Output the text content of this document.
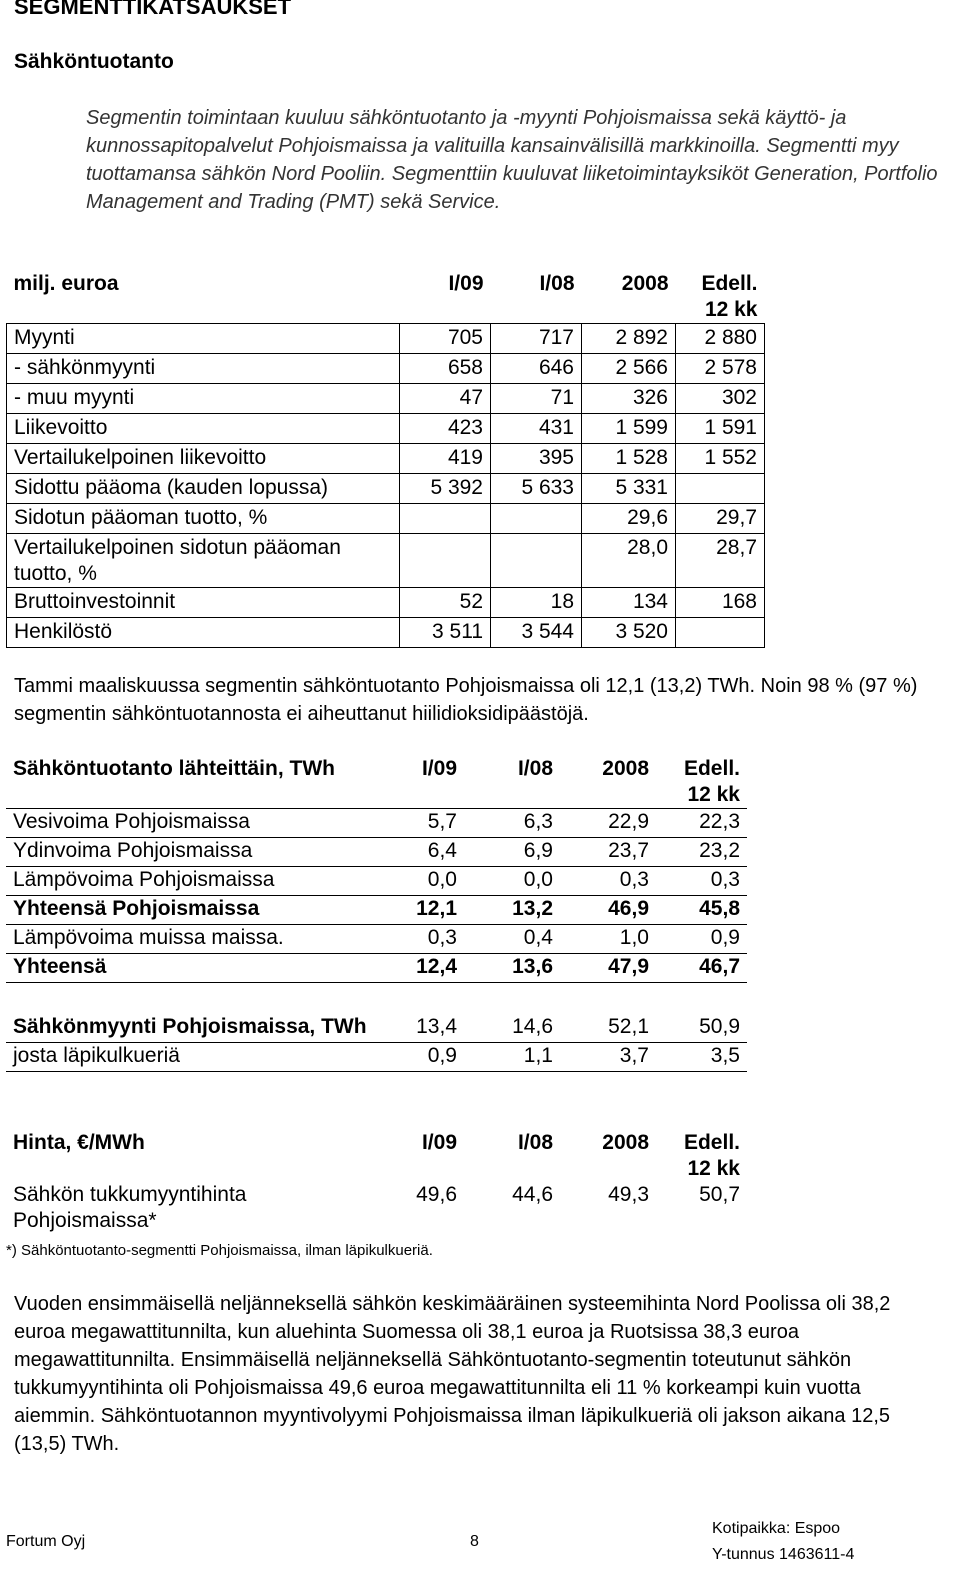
SEGMENTTIKATSAUKSET
Sähköntuotanto
Segmentin toimintaan kuuluu sähköntuotanto ja -myynti Pohjoismaissa sekä käyttö- ja kunnossapitopalvelut Pohjoismaissa ja valituilla kansainvälisillä markkinoilla. Segmentti myy tuottamansa sähkön Nord Pooliin. Segmenttiin kuuluvat liiketoimintayksiköt Generation, Portfolio Management and Trading (PMT) sekä Service.
milj. euroa	I/09	I/08	2008	Edell. 12 kk
Myynti	705	717	2 892	2 880
- sähkönmyynti	658	646	2 566	2 578
- muu myynti	47	71	326	302
Liikevoitto	423	431	1 599	1 591
Vertailukelpoinen liikevoitto	419	395	1 528	1 552
Sidottu pääoma (kauden lopussa)	5 392	5 633	5 331	
Sidotun pääoman tuotto, %			29,6	29,7
Vertailukelpoinen sidotun pääoman tuotto, %			28,0	28,7
Bruttoinvestoinnit	52	18	134	168
Henkilöstö	3 511	3 544	3 520	
Tammi maaliskuussa segmentin sähköntuotanto Pohjoismaissa oli 12,1 (13,2) TWh. Noin 98 % (97 %) segmentin sähköntuotannosta ei aiheuttanut hiilidioksidipäästöjä.
Sähköntuotanto lähteittäin, TWh	I/09	I/08	2008	Edell. 12 kk
Vesivoima Pohjoismaissa	5,7	6,3	22,9	22,3
Ydinvoima Pohjoismaissa	6,4	6,9	23,7	23,2
Lämpövoima Pohjoismaissa	0,0	0,0	0,3	0,3
Yhteensä Pohjoismaissa	12,1	13,2	46,9	45,8
Lämpövoima muissa maissa.	0,3	0,4	1,0	0,9
Yhteensä	12,4	13,6	47,9	46,7
Sähkönmyynti Pohjoismaissa, TWh	13,4	14,6	52,1	50,9
josta läpikulkueriä	0,9	1,1	3,7	3,5
Hinta, €/MWh	I/09	I/08	2008	Edell. 12 kk
Sähkön tukkumyyntihinta Pohjoismaissa*	49,6	44,6	49,3	50,7
*) Sähköntuotanto-segmentti Pohjoismaissa, ilman läpikulkueriä.
Vuoden ensimmäisellä neljänneksellä sähkön keskimääräinen systeemihinta Nord Poolissa oli 38,2 euroa megawattitunnilta, kun aluehinta Suomessa oli 38,1 euroa ja Ruotsissa 38,3 euroa megawattitunnilta. Ensimmäisellä neljänneksellä Sähköntuotanto-segmentin toteutunut sähkön tukkumyyntihinta oli Pohjoismaissa 49,6 euroa megawattitunnilta eli 11 % korkeampi kuin vuotta aiemmin. Sähköntuotannon myyntivolyymi Pohjoismaissa ilman läpikulkueriä oli jakson aikana 12,5 (13,5) TWh.
Fortum Oyj	8
Kotipaikka: Espoo
Y-tunnus 1463611-4
